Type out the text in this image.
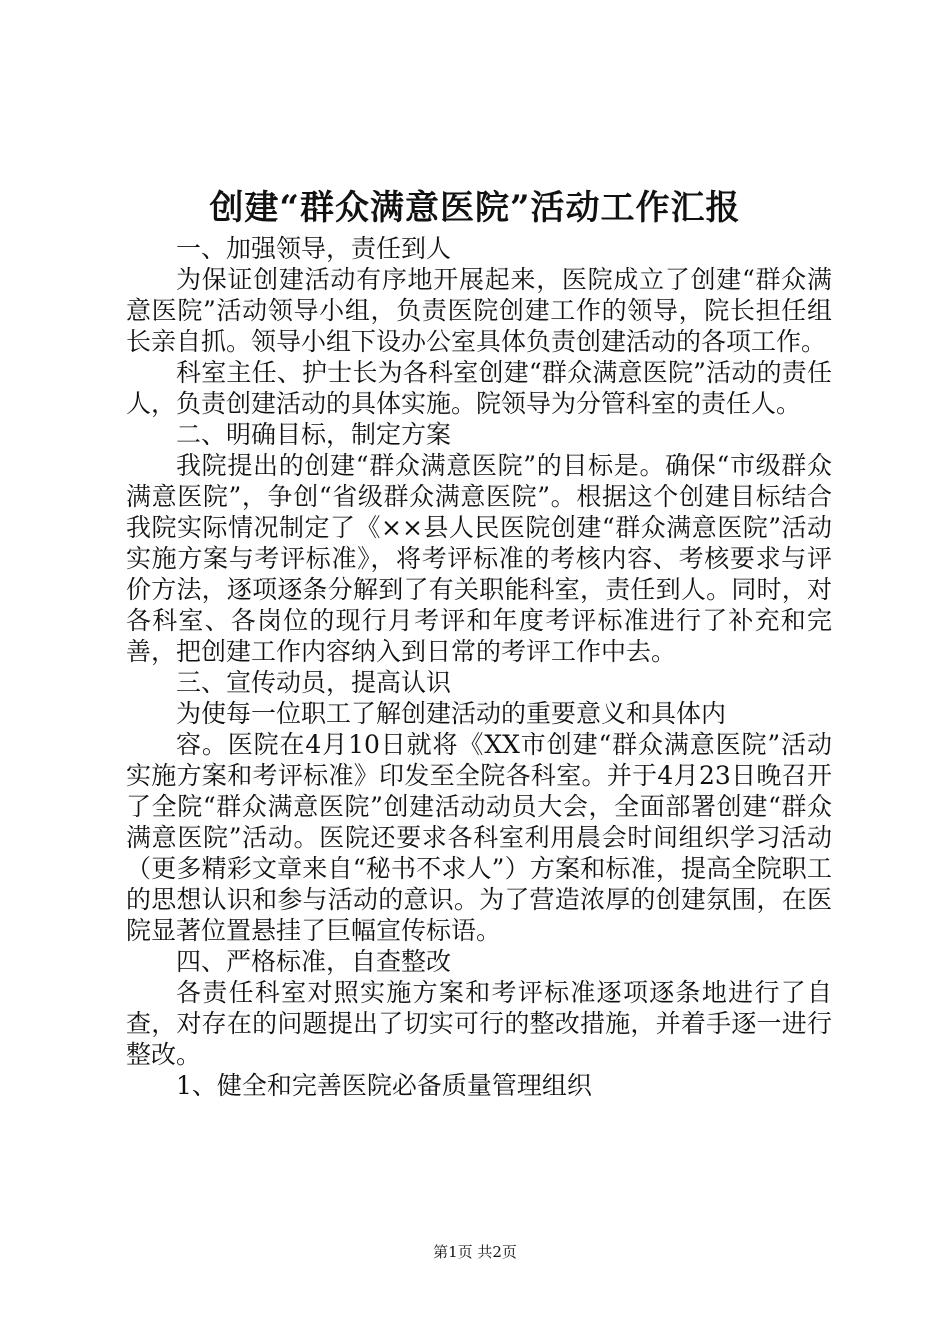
创建“群众满意医院”活动工作汇报

一、加强领导，责任到人

为保证创建活动有序地开展起来，医院成立了创建“群众满意医院”活动领导小组，负责医院创建工作的领导，院长担任组长亲自抓。领导小组下设办公室具体负责创建活动的各项工作。

科室主任、护士长为各科室创建“群众满意医院”活动的责任人，负责创建活动的具体实施。院领导为分管科室的责任人。

二、明确目标，制定方案

我院提出的创建“群众满意医院”的目标是。确保“市级群众满意医院”，争创“省级群众满意医院”。根据这个创建目标结合我院实际情况制定了《××县人民医院创建“群众满意医院”活动实施方案与考评标准》，将考评标准的考核内容、考核要求与评价方法，逐项逐条分解到了有关职能科室，责任到人。同时，对各科室、各岗位的现行月考评和年度考评标准进行了补充和完善，把创建工作内容纳入到日常的考评工作中去。

三、宣传动员，提高认识

为使每一位职工了解创建活动的重要意义和具体内

容。医院在4月10日就将《XX市创建“群众满意医院”活动实施方案和考评标准》印发至全院各科室。并于4月23日晚召开了全院“群众满意医院”创建活动动员大会，全面部署创建“群众满意医院”活动。医院还要求各科室利用晨会时间组织学习活动（更多精彩文章来自“秘书不求人”）方案和标准，提高全院职工的思想认识和参与活动的意识。为了营造浓厚的创建氛围，在医院显著位置悬挂了巨幅宣传标语。

四、严格标准，自查整改

各责任科室对照实施方案和考评标准逐项逐条地进行了自查，对存在的问题提出了切实可行的整改措施，并着手逐一进行整改。

1、健全和完善医院必备质量管理组织

第1页 共2页
